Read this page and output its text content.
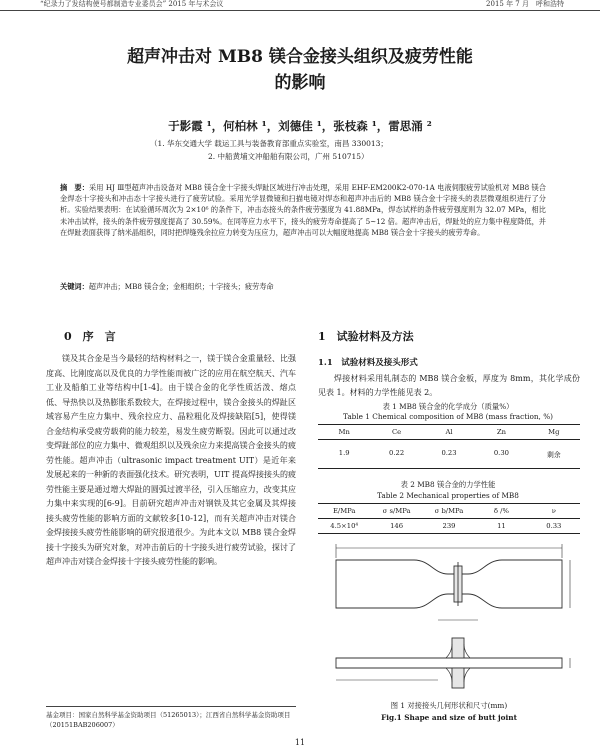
“纪录力了发结构使号都制造专业委员会” 2015 年与术会议	2015 年 7 月　呼和浩特
超声冲击对 MB8 镁合金接头组织及疲劳性能
的影响
于影霞 ¹，何柏林 ¹，刘德佳 ¹，张枝森 ¹，雷思涌 ²
（1. 华东交通大学 载运工具与装备教育部重点实验室，南昌 330013；
2. 中船黄埔文冲船舶有限公司，广州 510715）
摘　要：采用 HJ Ⅲ型超声冲击设备对 MB8 镁合金十字接头焊趾区域进行冲击处理，采用 EHF-EM200K2-070-1A 电液伺服疲劳试验机对 MB8 镁合金焊态十字接头和冲击态十字接头进行了疲劳试验。采用光学显微镜和扫描电镜对焊态和超声冲击后的 MB8 镁合金十字接头的表层微观组织进行了分析。实验结果表明：在试验循环周次为 2×10⁶ 的条件下，冲击态接头的条件疲劳强度为 41.88MPa，焊态试样的条件疲劳强度则为 32.07 MPa，相比未冲击试样，接头的条件疲劳强度提高了 30.59%。在同等应力水平下，接头的疲劳寿命提高了 5~12 倍。超声冲击后，焊趾处的应力集中程度降低，并在焊趾表面获得了纳米晶组织，同时把焊缝残余拉应力转变为压应力，超声冲击可以大幅度地提高 MB8 镁合金十字接头的疲劳寿命。
关键词：超声冲击；MB8 镁合金；金相组织；十字接头；疲劳寿命
0　序　言

镁及其合金是当今最轻的结构材料之一，镁于镁合金重量轻、比强度高、比刚度高以及优良的力学性能而被广泛的应用在航空航天、汽车工业及船舶工业等结构中[1-4]。由于镁合金的化学性质活泼、熔点低、导热快以及热膨胀系数较大，在焊接过程中，镁合金接头的焊趾区域容易产生应力集中、残余拉应力、晶粒粗化及焊接缺陷[5]，使得镁合金结构承受疲劳载荷的能力较差，易发生疲劳断裂。因此可以通过改变焊趾部位的应力集中、微观组织以及残余应力来提高镁合金接头的疲劳性能。超声冲击（ultrasonic impact treatment UIT）是近年来发展起来的一种新的表面强化技术。研究表明，UIT 提高焊接接头的疲劳性能主要是通过增大焊趾的圆弧过渡半径，引入压缩应力，改变其应力集中来实现的[6-9]。目前研究超声冲击对钢铁及其它金属及其焊接接头疲劳性能的影响方面的文献较多[10-12]，而有关超声冲击对镁合金焊接接头疲劳性能影响的研究报道很少。为此本文以 MB8 镁合金焊接十字接头为研究对象，对冲击前后的十字接头进行疲劳试验，探讨了超声冲击对镁合金焊接十字接头疲劳性能的影响。

基金项目：国家自然科学基金资助项目（51265013）；江西省自然科学基金资助项目（20151BAB206007）
1　试验材料及方法
1.1　试验材料及接头形式
焊接材料采用轧制态的 MB8 镁合金板，厚度为 8mm，其化学成份见表 1。材料的力学性能见表 2。
表 1 MB8 镁合金的化学成分（质量%）
Table 1 Chemical composition of MB8 (mass fraction, %)
Mn	Ce	Al	Zn	Mg
1.9	0.22	0.23	0.30	剩余
表 2 MB8 镁合金的力学性能
Table 2 Mechanical properties of MB8
E/MPa	σ s/MPa	σ b/MPa	δ /%	ν
4.5×10⁴	146	239	11	0.33
图 1 对接接头几何形状和尺寸(mm)
Fig.1 Shape and size of butt joint
11
